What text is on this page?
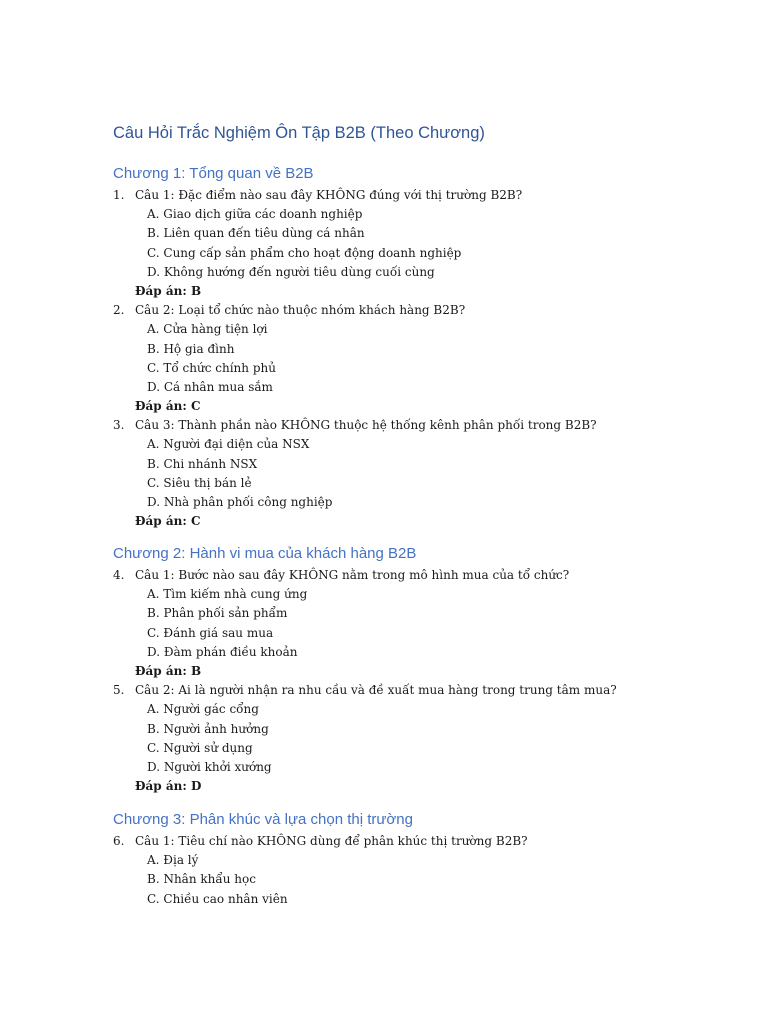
Câu Hỏi Trắc Nghiệm Ôn Tập B2B (Theo Chương)
Chương 1: Tổng quan về B2B
1. Câu 1: Đặc điểm nào sau đây KHÔNG đúng với thị trường B2B?
A. Giao dịch giữa các doanh nghiệp
B. Liên quan đến tiêu dùng cá nhân
C. Cung cấp sản phẩm cho hoạt động doanh nghiệp
D. Không hướng đến người tiêu dùng cuối cùng
Đáp án: B
2. Câu 2: Loại tổ chức nào thuộc nhóm khách hàng B2B?
A. Cửa hàng tiện lợi
B. Hộ gia đình
C. Tổ chức chính phủ
D. Cá nhân mua sắm
Đáp án: C
3. Câu 3: Thành phần nào KHÔNG thuộc hệ thống kênh phân phối trong B2B?
A. Người đại diện của NSX
B. Chi nhánh NSX
C. Siêu thị bán lẻ
D. Nhà phân phối công nghiệp
Đáp án: C
Chương 2: Hành vi mua của khách hàng B2B
4. Câu 1: Bước nào sau đây KHÔNG nằm trong mô hình mua của tổ chức?
A. Tìm kiếm nhà cung ứng
B. Phân phối sản phẩm
C. Đánh giá sau mua
D. Đàm phán điều khoản
Đáp án: B
5. Câu 2: Ai là người nhận ra nhu cầu và đề xuất mua hàng trong trung tâm mua?
A. Người gác cổng
B. Người ảnh hưởng
C. Người sử dụng
D. Người khởi xướng
Đáp án: D
Chương 3: Phân khúc và lựa chọn thị trường
6. Câu 1: Tiêu chí nào KHÔNG dùng để phân khúc thị trường B2B?
A. Địa lý
B. Nhân khẩu học
C. Chiều cao nhân viên
